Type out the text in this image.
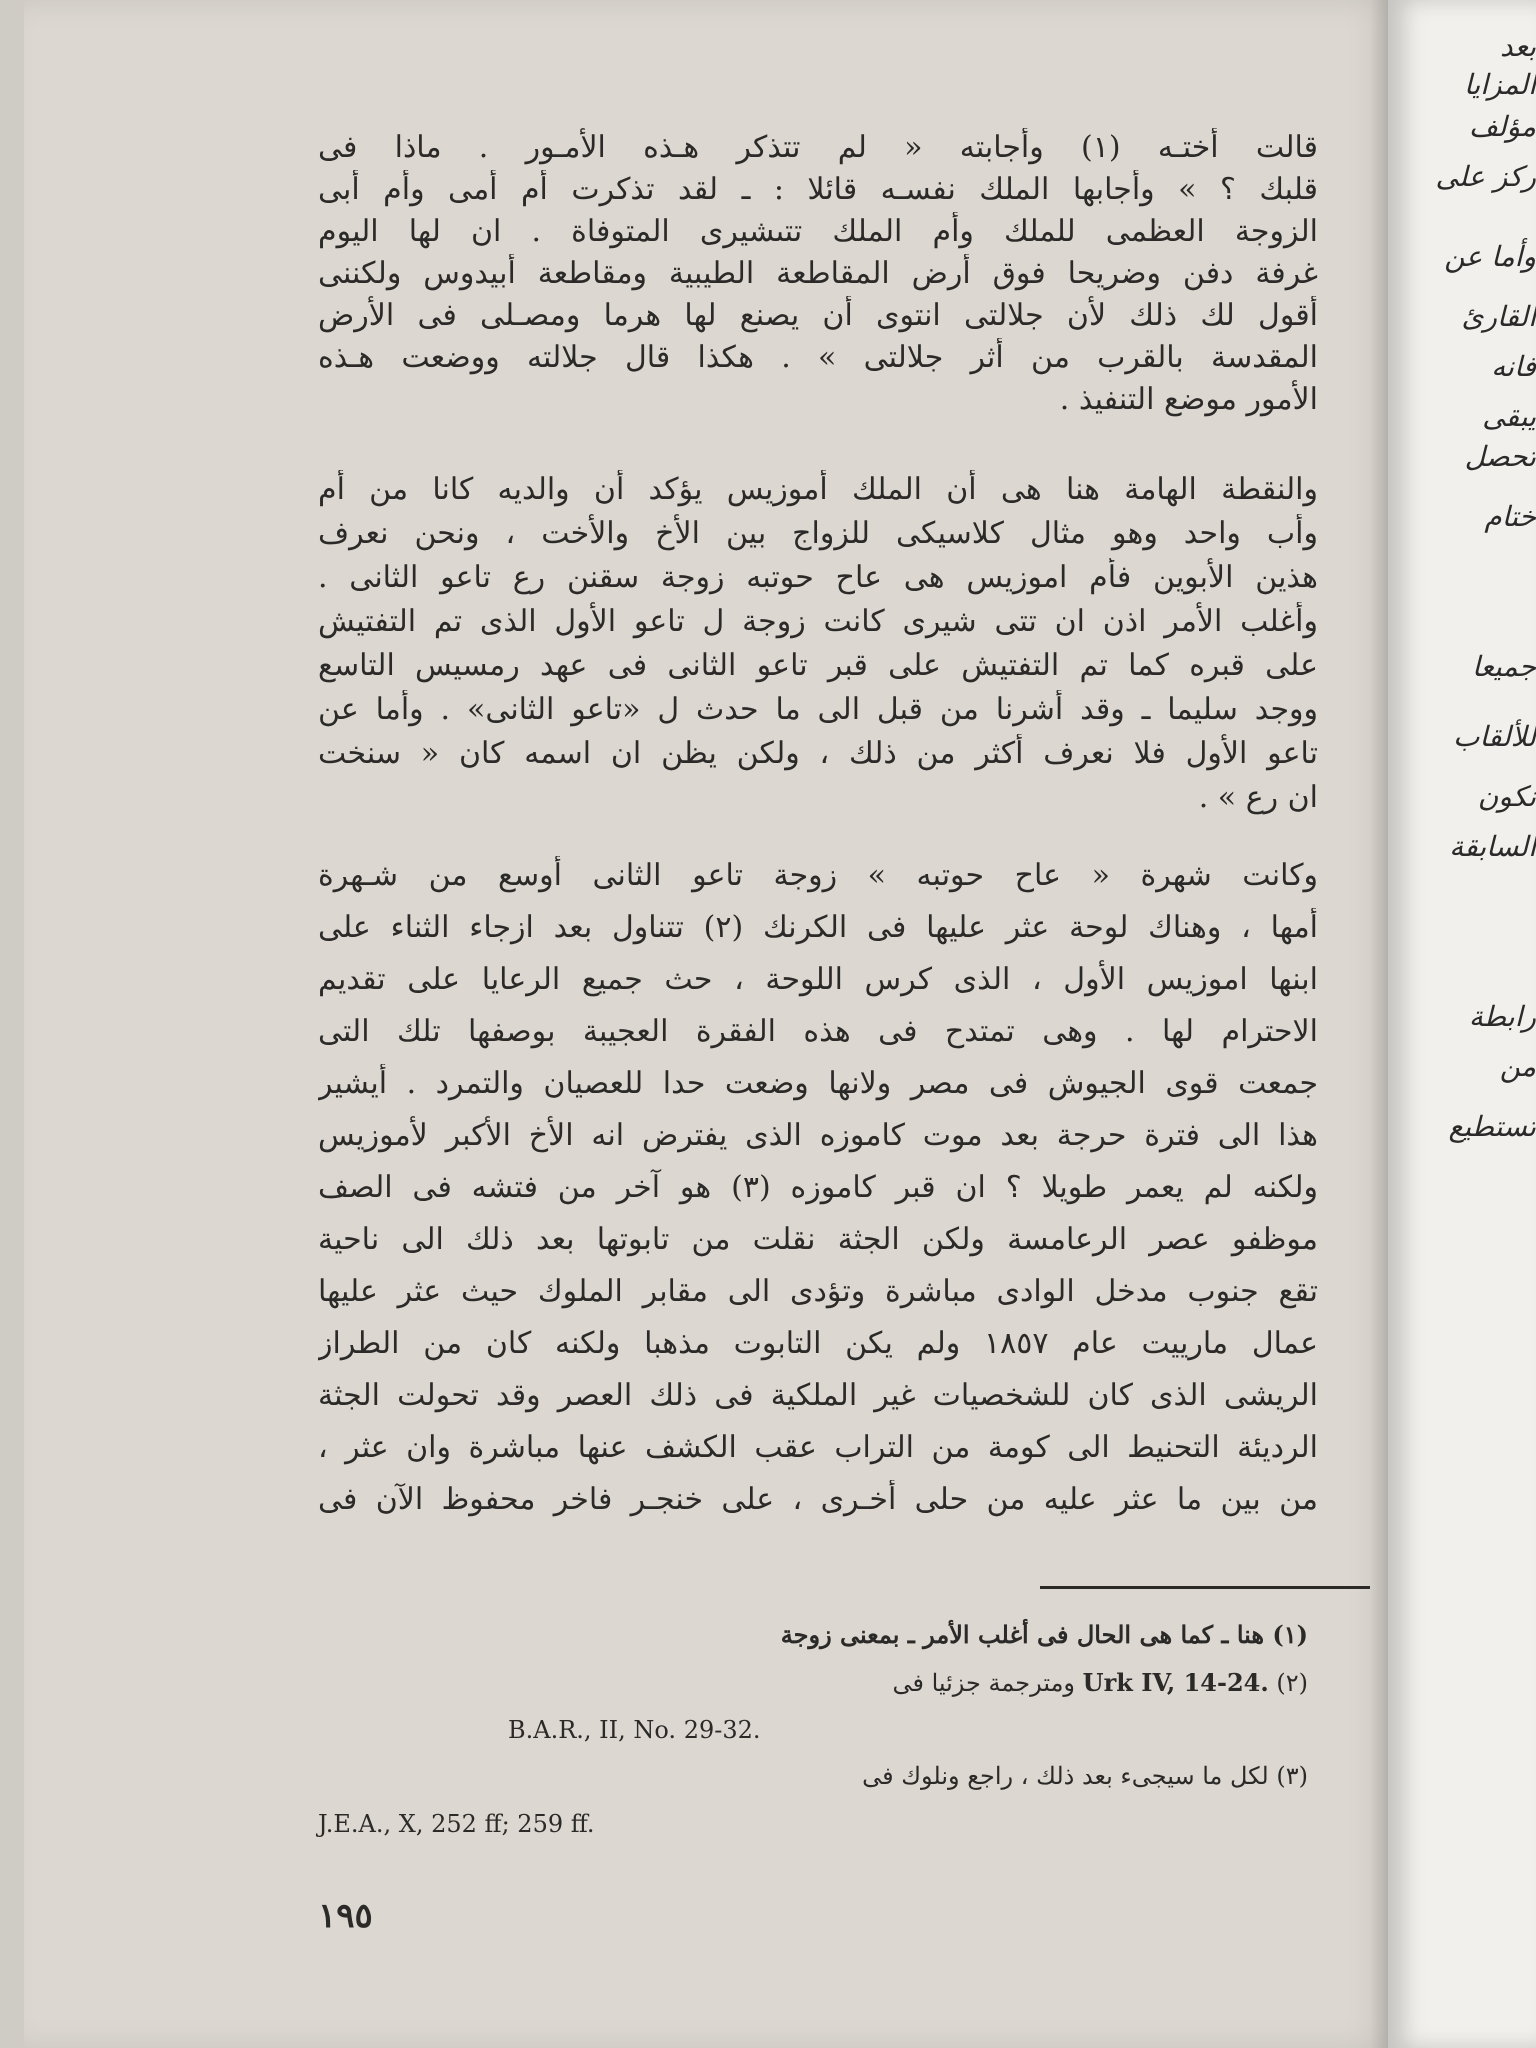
بعد
المزايا
مؤلف
ركز على
وأما عن
القارئ
فانه
يبقى
تحصل
ختام
جميعا
للألقاب
نكون
السابقة
رابطة
من
تستطيع
قالت أختـه (١) وأجابته « لم تتذكر هـذه الأمـور . ماذا فى
قلبك ؟ » وأجابها الملك نفسـه قائلا : ـ لقد تذكرت أم أمى وأم أبى
الزوجة العظمى للملك وأم الملك تتىشيرى المتوفاة . ان لها اليوم
غرفة دفن وضريحا فوق أرض المقاطعة الطيبية ومقاطعة أبيدوس ولكننى
أقول لك ذلك لأن جلالتى انتوى أن يصنع لها هرما ومصـلى فى الأرض
المقدسة بالقرب من أثر جلالتى » . هكذا قال جلالته ووضعت هـذه
الأمور موضع التنفيذ .
والنقطة الهامة هنا هى أن الملك أموزيس يؤكد أن والديه كانا من أم
وأب واحد وهو مثال كلاسيكى للزواج بين الأخ والأخت ، ونحن نعرف
هذين الأبوين فأم اموزيس هى عاح حوتبه زوجة سقنن رع تاعو الثانى .
وأغلب الأمر اذن ان تتى شيرى كانت زوجة ل تاعو الأول الذى تم التفتيش
على قبره كما تم التفتيش على قبر تاعو الثانى فى عهد رمسيس التاسع
ووجد سليما ـ وقد أشرنا من قبل الى ما حدث ل «تاعو الثانى» . وأما عن
تاعو الأول فلا نعرف أكثر من ذلك ، ولكن يظن ان اسمه كان « سنخت
ان رع » .
وكانت شهرة « عاح حوتبه » زوجة تاعو الثانى أوسع من شـهرة
أمها ، وهناك لوحة عثر عليها فى الكرنك (٢) تتناول بعد ازجاء الثناء على
ابنها اموزيس الأول ، الذى كرس اللوحة ، حث جميع الرعايا على تقديم
الاحترام لها . وهى تمتدح فى هذه الفقرة العجيبة بوصفها تلك التى
جمعت قوى الجيوش فى مصر ولانها وضعت حدا للعصيان والتمرد . أيشير
هذا الى فترة حرجة بعد موت كاموزه الذى يفترض انه الأخ الأكبر لأموزيس
ولكنه لم يعمر طويلا ؟ ان قبر كاموزه (٣) هو آخر من فتشه فى الصف
موظفو عصر الرعامسة ولكن الجثة نقلت من تابوتها بعد ذلك الى ناحية
تقع جنوب مدخل الوادى مباشرة وتؤدى الى مقابر الملوك حيث عثر عليها
عمال مارييت عام ١٨٥٧ ولم يكن التابوت مذهبا ولكنه كان من الطراز
الريشى الذى كان للشخصيات غير الملكية فى ذلك العصر وقد تحولت الجثة
الرديئة التحنيط الى كومة من التراب عقب الكشف عنها مباشرة وان عثر ،
من بين ما عثر عليه من حلى أخـرى ، على خنجـر فاخر محفوظ الآن فى
(١) هنا ـ كما هى الحال فى أغلب الأمر ـ بمعنى زوجة
(٢) Urk IV, 14-24. ومترجمة جزئيا فى
B.A.R., II, No. 29-32.
(٣) لكل ما سيجىء بعد ذلك ، راجع ونلوك فى
J.E.A., X, 252 ff; 259 ff.
١٩٥
